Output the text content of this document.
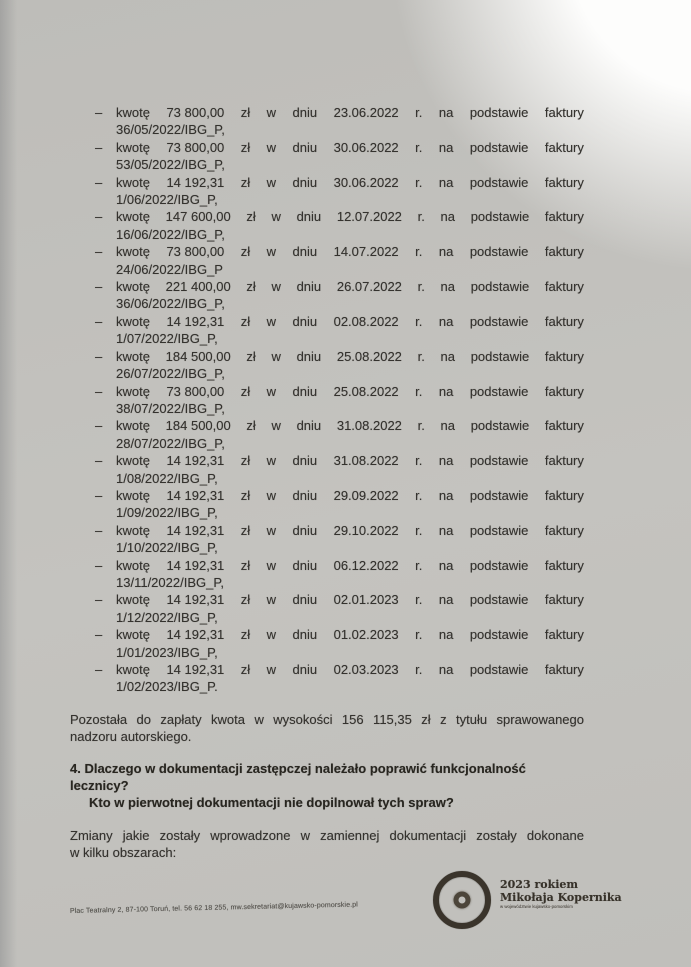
–	kwotę 73 800,00 zł w dniu 23.06.2022 r. na podstawie faktury
36/05/2022/IBG_P,
–	kwotę 73 800,00 zł w dniu 30.06.2022 r. na podstawie faktury
53/05/2022/IBG_P,
–	kwotę 14 192,31 zł w dniu 30.06.2022 r. na podstawie faktury
1/06/2022/IBG_P,
–	kwotę 147 600,00 zł w dniu 12.07.2022 r. na podstawie faktury
16/06/2022/IBG_P,
–	kwotę 73 800,00 zł w dniu 14.07.2022 r. na podstawie faktury
24/06/2022/IBG_P
–	kwotę 221 400,00 zł w dniu 26.07.2022 r. na podstawie faktury
36/06/2022/IBG_P,
–	kwotę 14 192,31 zł w dniu 02.08.2022 r. na podstawie faktury
1/07/2022/IBG_P,
–	kwotę 184 500,00 zł w dniu 25.08.2022 r. na podstawie faktury
26/07/2022/IBG_P,
–	kwotę 73 800,00 zł w dniu 25.08.2022 r. na podstawie faktury
38/07/2022/IBG_P,
–	kwotę 184 500,00 zł w dniu 31.08.2022 r. na podstawie faktury
28/07/2022/IBG_P,
–	kwotę 14 192,31 zł w dniu 31.08.2022 r. na podstawie faktury
1/08/2022/IBG_P,
–	kwotę 14 192,31 zł w dniu 29.09.2022 r. na podstawie faktury
1/09/2022/IBG_P,
–	kwotę 14 192,31 zł w dniu 29.10.2022 r. na podstawie faktury
1/10/2022/IBG_P,
–	kwotę 14 192,31 zł w dniu 06.12.2022 r. na podstawie faktury
13/11/2022/IBG_P,
–	kwotę 14 192,31 zł w dniu 02.01.2023 r. na podstawie faktury
1/12/2022/IBG_P,
–	kwotę 14 192,31 zł w dniu 01.02.2023 r. na podstawie faktury
1/01/2023/IBG_P,
–	kwotę 14 192,31 zł w dniu 02.03.2023 r. na podstawie faktury
1/02/2023/IBG_P.
Pozostała do zapłaty kwota w wysokości 156 115,35 zł z tytułu sprawowanego
nadzoru autorskiego.
4. Dlaczego w dokumentacji zastępczej należało poprawić funkcjonalność lecznicy?
Kto w pierwotnej dokumentacji nie dopilnował tych spraw?
Zmiany jakie zostały wprowadzone w zamiennej dokumentacji zostały dokonane
w kilku obszarach:
Plac Teatralny 2, 87-100 Toruń, tel. 56 62 18 255, mw.sekretariat@kujawsko-pomorskie.pl
2023 rokiem
Mikołaja Kopernika
w województwie kujawsko-pomorskim
